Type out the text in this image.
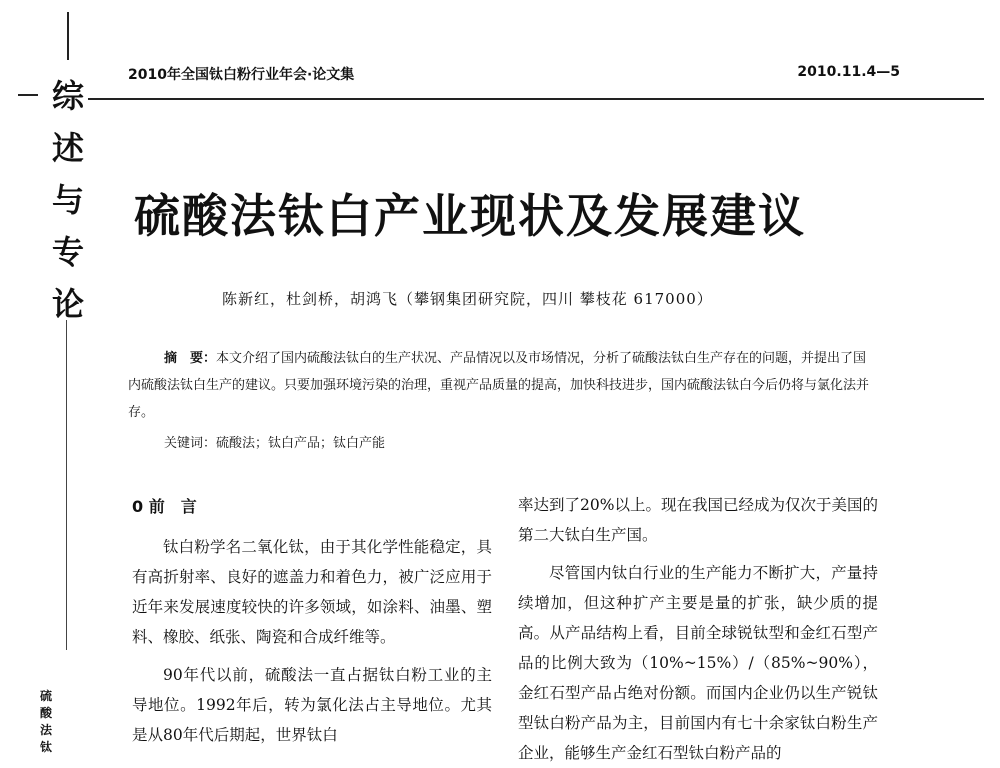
综
述
与
专
论
硫
酸
法
钛
2010年全国钛白粉行业年会·论文集	2010.11.4—5
硫酸法钛白产业现状及发展建议
陈新红，杜剑桥，胡鸿飞（攀钢集团研究院，四川 攀枝花 617000）
摘　要：本文介绍了国内硫酸法钛白的生产状况、产品情况以及市场情况，分析了硫酸法钛白生产存在的问题，并提出了国内硫酸法钛白生产的建议。只要加强环境污染的治理，重视产品质量的提高，加快科技进步，国内硫酸法钛白今后仍将与氯化法并存。
关键词：硫酸法；钛白产品；钛白产能
0 前　言

钛白粉学名二氧化钛，由于其化学性能稳定，具有高折射率、良好的遮盖力和着色力，被广泛应用于近年来发展速度较快的许多领域，如涂料、油墨、塑料、橡胶、纸张、陶瓷和合成纤维等。

90年代以前，硫酸法一直占据钛白粉工业的主导地位。1992年后，转为氯化法占主导地位。尤其是从80年代后期起，世界钛白

率达到了20%以上。现在我国已经成为仅次于美国的第二大钛白生产国。

尽管国内钛白行业的生产能力不断扩大，产量持续增加，但这种扩产主要是量的扩张，缺少质的提高。从产品结构上看，目前全球锐钛型和金红石型产品的比例大致为（10%~15%）/（85%~90%），金红石型产品占绝对份额。而国内企业仍以生产锐钛型钛白粉产品为主，目前国内有七十余家钛白粉生产企业，能够生产金红石型钛白粉产品的
